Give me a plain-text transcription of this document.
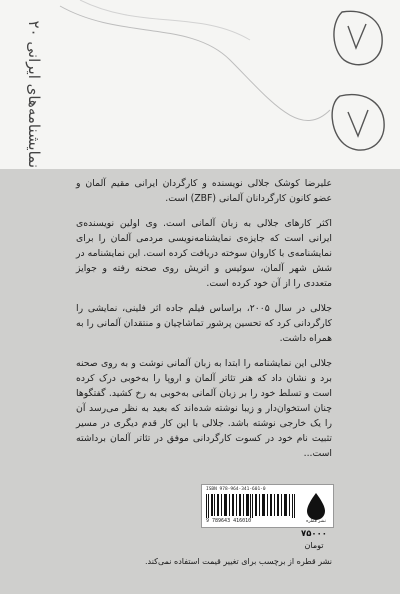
نمایشنامه‌های ایرانی ۲۰

علیرضا کوشک جلالی نویسنده و کارگردان ایرانی مقیم آلمان و عضو کانون کارگردانان آلمانی (ZBF) است.

اکثر کارهای جلالی به زبان آلمانی است. وی اولین نویسنده‌ی ایرانی است که جایزه‌ی نمایشنامه‌نویسی مردمی آلمان را برای نمایشنامه‌ی با کاروان سوخته دریافت کرده است. این نمایشنامه در شش شهر آلمان، سوئیس و اتریش روی صحنه رفته و جوایز متعددی را از آن خود کرده است.

جلالی در سال ۲۰۰۵، براساس فیلم جاده اثر فلینی، نمایشی را کارگردانی کرد که تحسین پرشور تماشاچیان و منتقدان آلمانی را به همراه داشت.

جلالی این نمایشنامه را ابتدا به زبان آلمانی نوشت و به روی صحنه برد و نشان داد که هنر تئاتر آلمان و اروپا را به‌خوبی درک کرده است و تسلط خود را بر زبان آلمانی به‌خوبی به رخ کشید. گفتگوها چنان استخوان‌دار و زیبا نوشته شده‌اند که بعید به نظر می‌رسد آن را یک خارجی نوشته باشد. جلالی با این کار قدم دیگری در مسیر تثبیت نام خود در کسوت کارگردانی موفق در تئاتر آلمان برداشته است...

ISBN 978-964-341-601-0
9 789643 416010	نشر قطره
۷۵۰۰۰
تومان
نشر قطره از برچسب برای تغییر قیمت استفاده نمی‌کند.
